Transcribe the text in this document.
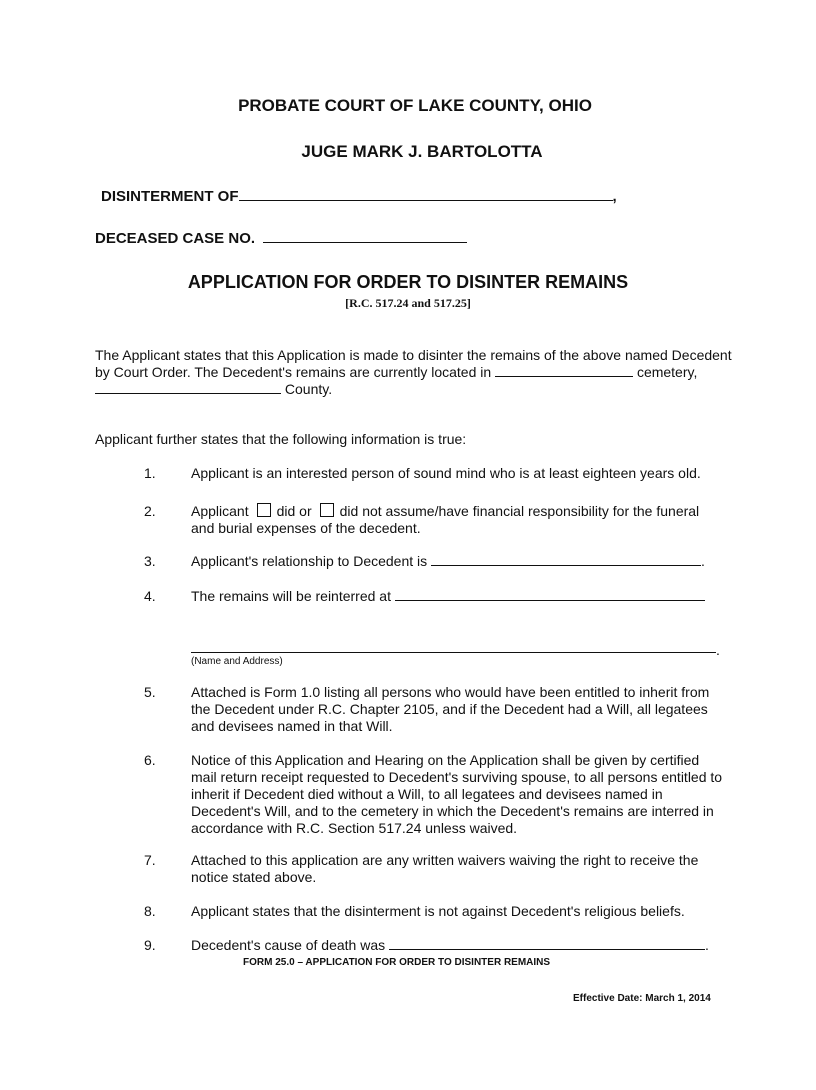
PROBATE COURT OF LAKE COUNTY, OHIO
JUGE MARK J. BARTOLOTTA
DISINTERMENT OF	,
DECEASED CASE NO.
APPLICATION FOR ORDER TO DISINTER REMAINS
[R.C. 517.24 and 517.25]
The Applicant states that this Application is made to disinter the remains of the above named Decedent by Court Order. The Decedent's remains are currently located in	cemetery,  County.
Applicant further states that the following information is true:
1.	Applicant is an interested person of sound mind who is at least eighteen years old.
2.	Applicant did or did not assume/have financial responsibility for the funeral and burial expenses of the decedent.
3.	Applicant's relationship to Decedent is	.
4.	The remains will be reinterred at
.
(Name and Address)
5.	Attached is Form 1.0 listing all persons who would have been entitled to inherit from the Decedent under R.C. Chapter 2105, and if the Decedent had a Will, all legatees and devisees named in that Will.
6.	Notice of this Application and Hearing on the Application shall be given by certified mail return receipt requested to Decedent's surviving spouse, to all persons entitled to inherit if Decedent died without a Will, to all legatees and devisees named in Decedent's Will, and to the cemetery in which the Decedent's remains are interred in accordance with R.C. Section 517.24 unless waived.
7.	Attached to this application are any written waivers waiving the right to receive the notice stated above.
8.	Applicant states that the disinterment is not against Decedent's religious beliefs.
9.	Decedent's cause of death was	.
FORM 25.0 – APPLICATION FOR ORDER TO DISINTER REMAINS
Effective Date: March 1, 2014
